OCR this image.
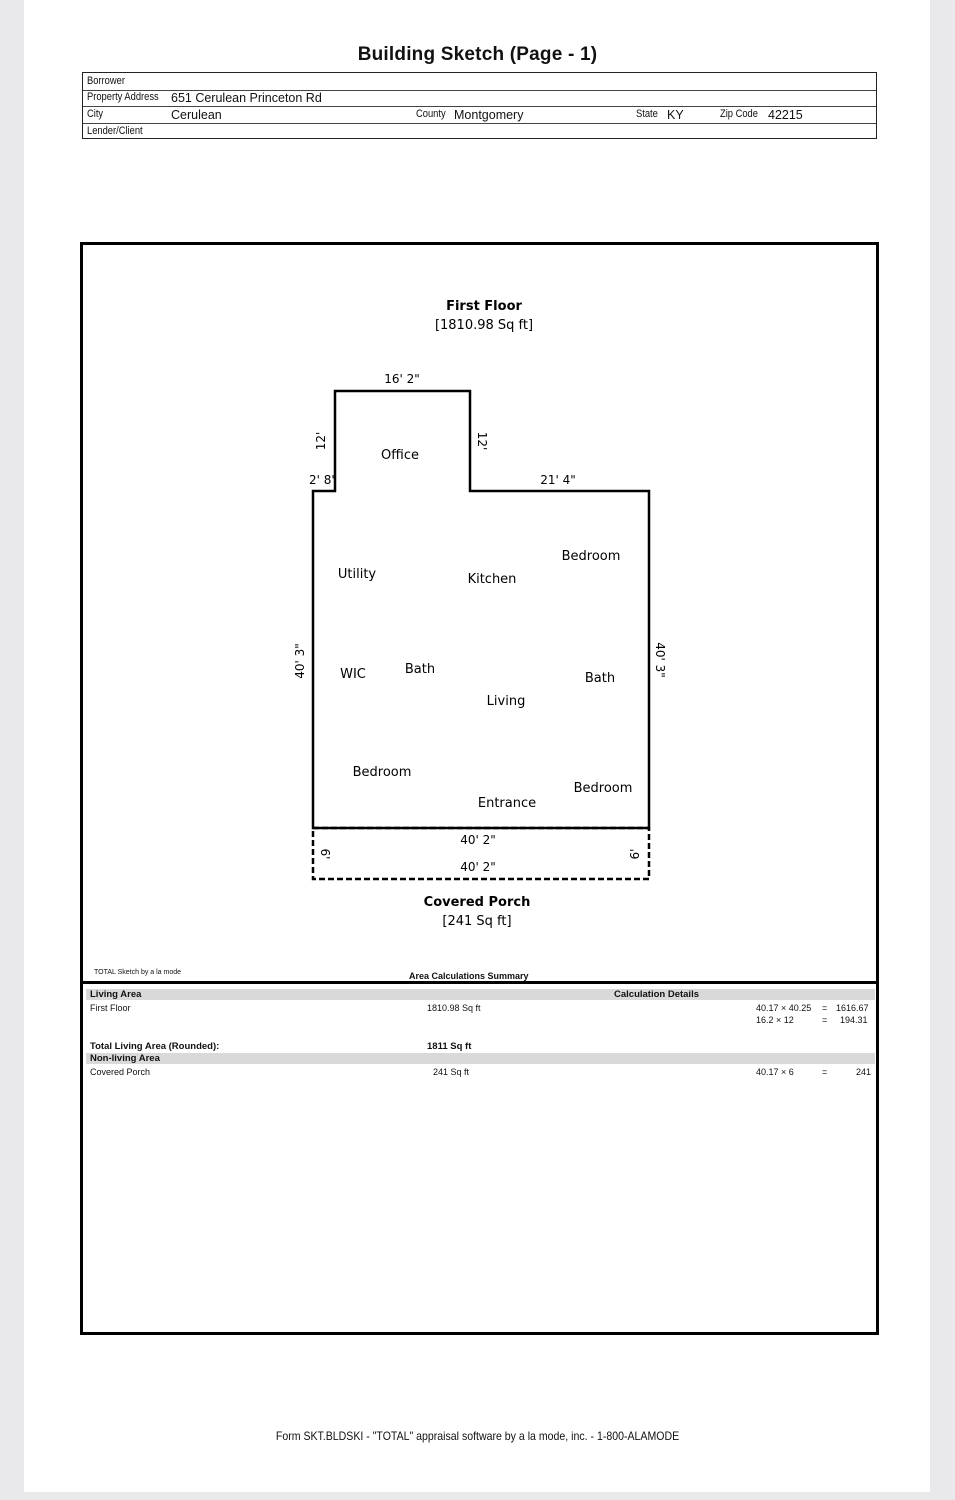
Building Sketch (Page - 1)
Borrower
Property Address 651 Cerulean Princeton Rd
City	Cerulean	County Montgomery	State KY	Zip Code 42215
Lender/Client
First Floor
[1810.98 Sq ft]
16' 2"
12'	12'
2' 8"	21' 4"
40' 3"	40' 3"
40' 2"
40' 2"
6'	6'
Office
Utility	Kitchen
Bedroom
WIC	Bath
Bath
Living
Bedroom
Entrance
Bedroom
Covered Porch
[241 Sq ft]
TOTAL Sketch by a la mode	Area Calculations Summary
Living Area	Calculation Details
First Floor	1810.98 Sq ft	40.17 × 40.25 = 1616.67
16.2 × 12	= 194.31
Total Living Area (Rounded):	1811 Sq ft
Non-living Area
Covered Porch	241 Sq ft	40.17 × 6	=	241
Form SKT.BLDSKI - "TOTAL" appraisal software by a la mode, inc. - 1-800-ALAMODE
